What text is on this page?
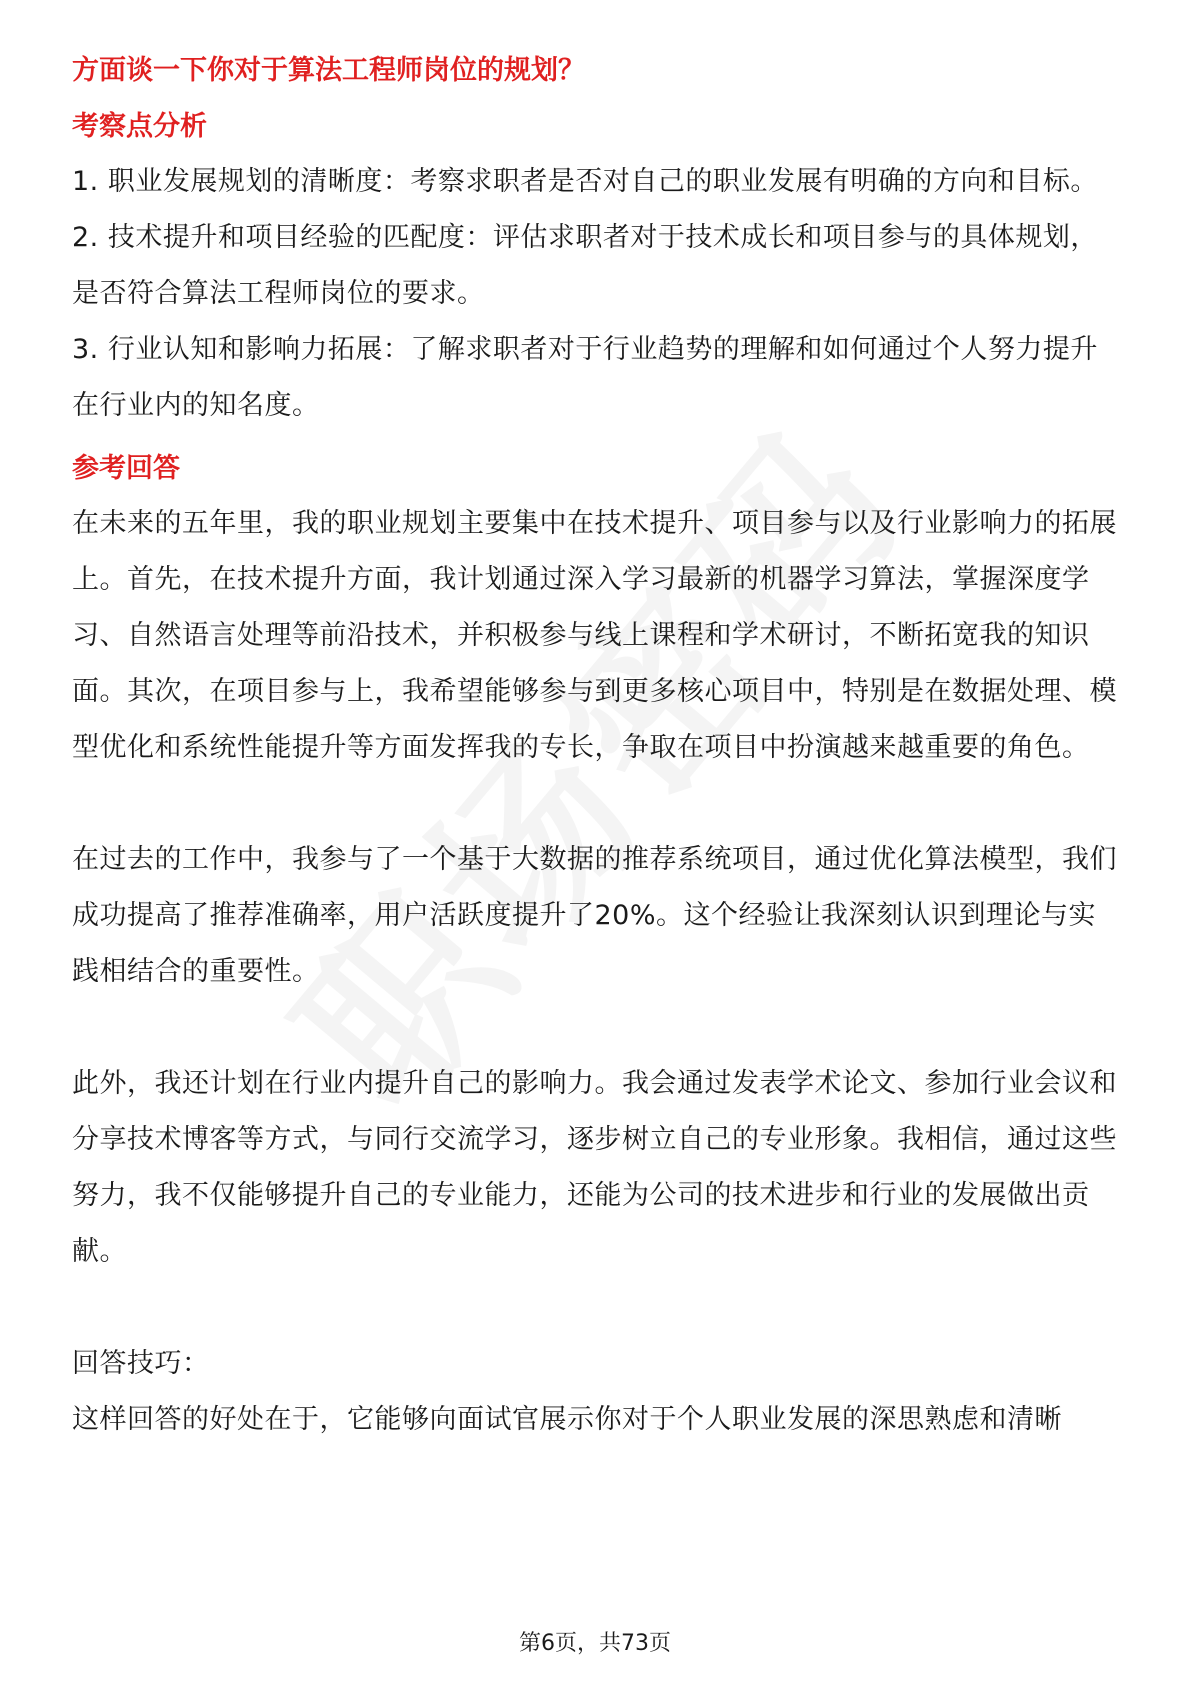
方面谈一下你对于算法工程师岗位的规划？

考察点分析

1. 职业发展规划的清晰度：考察求职者是否对自己的职业发展有明确的方向和目标。

2. 技术提升和项目经验的匹配度：评估求职者对于技术成长和项目参与的具体规划，是否符合算法工程师岗位的要求。

3. 行业认知和影响力拓展：了解求职者对于行业趋势的理解和如何通过个人努力提升在行业内的知名度。

参考回答

在未来的五年里，我的职业规划主要集中在技术提升、项目参与以及行业影响力的拓展上。首先，在技术提升方面，我计划通过深入学习最新的机器学习算法，掌握深度学习、自然语言处理等前沿技术，并积极参与线上课程和学术研讨，不断拓宽我的知识面。其次，在项目参与上，我希望能够参与到更多核心项目中，特别是在数据处理、模型优化和系统性能提升等方面发挥我的专长，争取在项目中扮演越来越重要的角色。

在过去的工作中，我参与了一个基于大数据的推荐系统项目，通过优化算法模型，我们成功提高了推荐准确率，用户活跃度提升了20%。这个经验让我深刻认识到理论与实践相结合的重要性。

此外，我还计划在行业内提升自己的影响力。我会通过发表学术论文、参加行业会议和分享技术博客等方式，与同行交流学习，逐步树立自己的专业形象。我相信，通过这些努力，我不仅能够提升自己的专业能力，还能为公司的技术进步和行业的发展做出贡献。

回答技巧：

这样回答的好处在于，它能够向面试官展示你对于个人职业发展的深思熟虑和清晰

第6页，共73页
